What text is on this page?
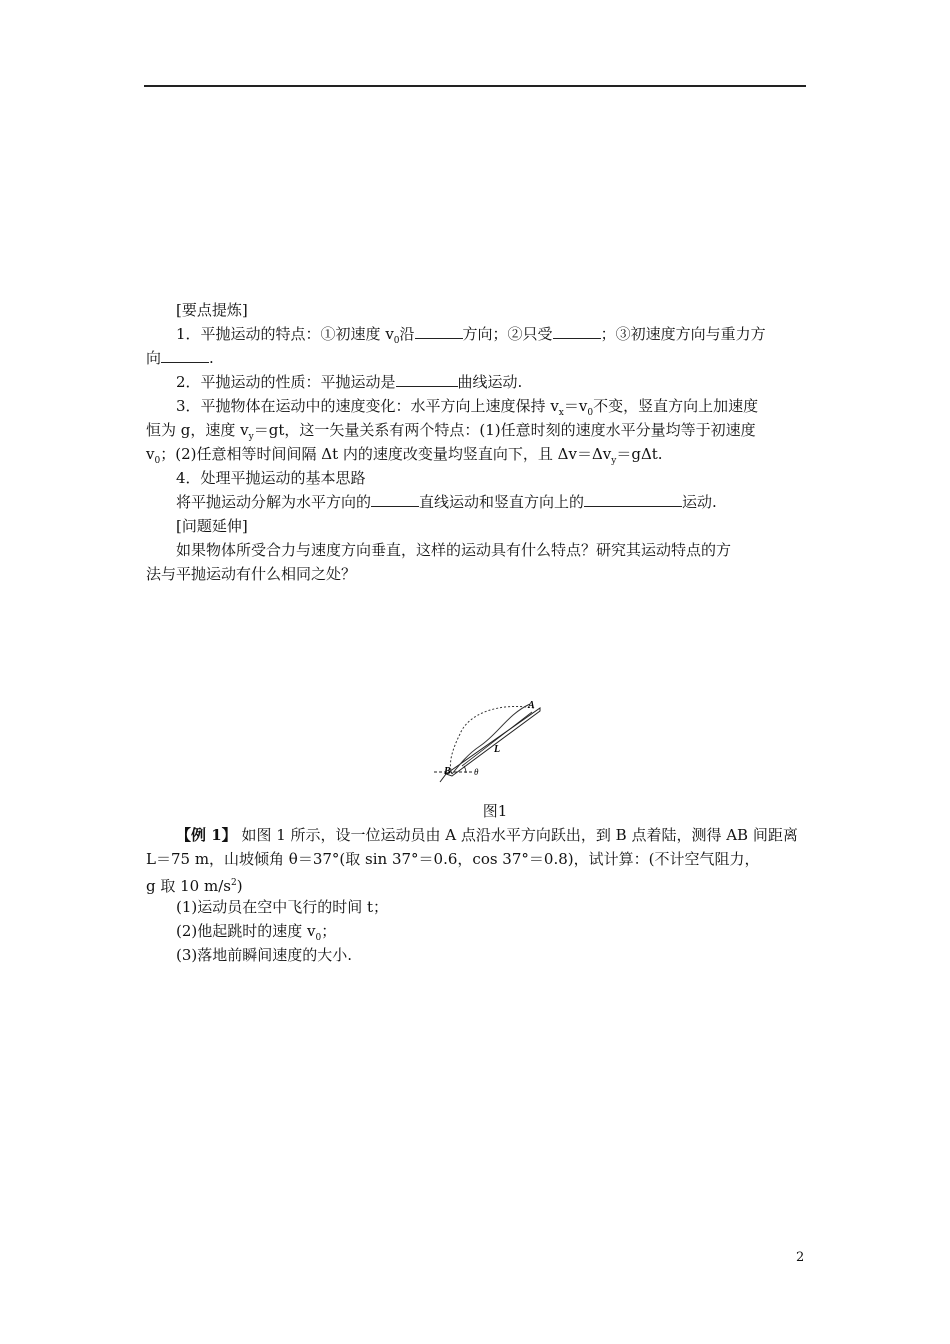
[要点提炼]
1．平抛运动的特点：①初速度 $v_0$沿	方向；②只受	；③初速度方向与重力方
向	.
2．平抛运动的性质：平抛运动是	曲线运动.
3．平抛物体在运动中的速度变化：水平方向上速度保持 $v_x=v_0$不变，竖直方向上加速度
恒为 g，速度 $v_y=gt$，这一矢量关系有两个特点：(1)任意时刻的速度水平分量均等于初速度
$v_0$；(2)任意相等时间间隔 Δt 内的速度改变量均竖直向下，且 $\Delta v=\Delta v_y=g\Delta t$.
4．处理平抛运动的基本思路
将平抛运动分解为水平方向的	直线运动和竖直方向上的	运动.
[问题延伸]
如果物体所受合力与速度方向垂直，这样的运动具有什么特点？研究其运动特点的方
法与平抛运动有什么相同之处？
A
B
L
θ
图1
【例 1】 如图 1 所示，设一位运动员由 A 点沿水平方向跃出，到 B 点着陆，测得 AB 间距离
L＝75 m，山坡倾角 θ＝37°(取 sin 37°＝0.6，cos 37°＝0.8)，试计算：(不计空气阻力，
g 取 10 $m/s^2$)
(1)运动员在空中飞行的时间 t；
(2)他起跳时的速度 $v_0$；
(3)落地前瞬间速度的大小.
2
